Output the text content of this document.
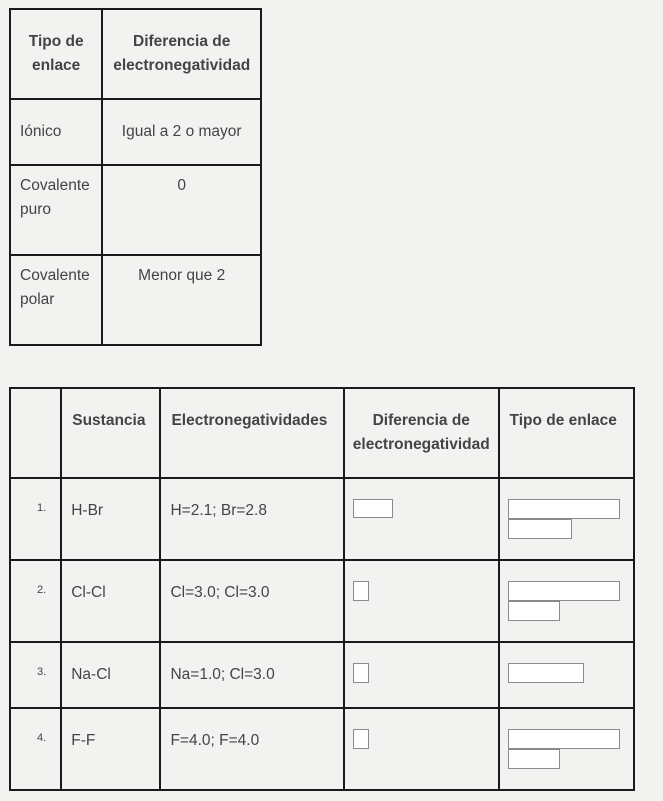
Tipo de enlace	Diferencia de electronegatividad
Iónico	Igual a 2 o mayor
Covalente puro	0
Covalente polar	Menor que 2
	Sustancia	Electronegatividades	Diferencia de electronegatividad	Tipo de enlace
1.	H-Br	H=2.1; Br=2.8	

2.	Cl-Cl	Cl=3.0; Cl=3.0	

3.	Na-Cl	Na=1.0; Cl=3.0	

4.	F-F	F=4.0; F=4.0	
